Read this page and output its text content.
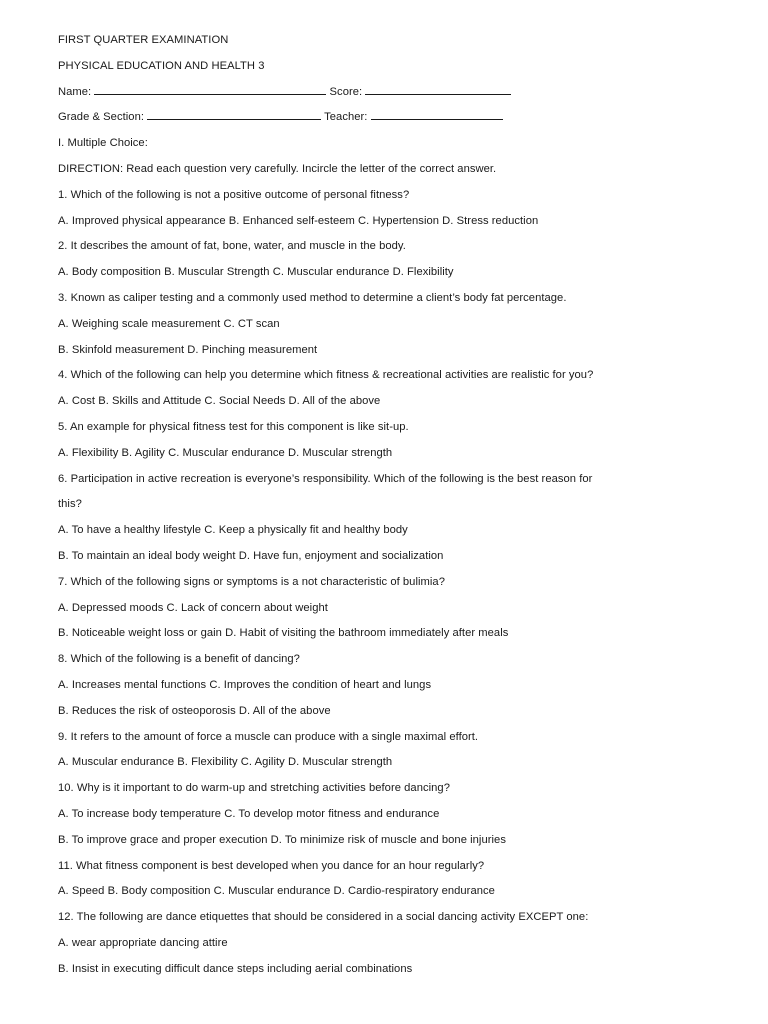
FIRST QUARTER EXAMINATION
PHYSICAL EDUCATION AND HEALTH 3
Name:	Score:
Grade & Section:	Teacher:
I. Multiple Choice:
DIRECTION: Read each question very carefully. Incircle the letter of the correct answer.
1. Which of the following is not a positive outcome of personal fitness?
A. Improved physical appearance B. Enhanced self-esteem C. Hypertension D. Stress reduction
2. It describes the amount of fat, bone, water, and muscle in the body.
A. Body composition B. Muscular Strength C. Muscular endurance D. Flexibility
3. Known as caliper testing and a commonly used method to determine a client’s body fat percentage.
A. Weighing scale measurement C. CT scan
B. Skinfold measurement D. Pinching measurement
4. Which of the following can help you determine which fitness & recreational activities are realistic for you?
A. Cost B. Skills and Attitude C. Social Needs D. All of the above
5. An example for physical fitness test for this component is like sit-up.
A. Flexibility B. Agility C. Muscular endurance D. Muscular strength
6. Participation in active recreation is everyone’s responsibility. Which of the following is the best reason for
this?
A. To have a healthy lifestyle C. Keep a physically fit and healthy body
B. To maintain an ideal body weight D. Have fun, enjoyment and socialization
7. Which of the following signs or symptoms is a not characteristic of bulimia?
A. Depressed moods C. Lack of concern about weight
B. Noticeable weight loss or gain D. Habit of visiting the bathroom immediately after meals
8. Which of the following is a benefit of dancing?
A. Increases mental functions C. Improves the condition of heart and lungs
B. Reduces the risk of osteoporosis D. All of the above
9. It refers to the amount of force a muscle can produce with a single maximal effort.
A. Muscular endurance B. Flexibility C. Agility D. Muscular strength
10. Why is it important to do warm-up and stretching activities before dancing?
A. To increase body temperature C. To develop motor fitness and endurance
B. To improve grace and proper execution D. To minimize risk of muscle and bone injuries
11. What fitness component is best developed when you dance for an hour regularly?
A. Speed B. Body composition C. Muscular endurance D. Cardio-respiratory endurance
12. The following are dance etiquettes that should be considered in a social dancing activity EXCEPT one:
A. wear appropriate dancing attire
B. Insist in executing difficult dance steps including aerial combinations
